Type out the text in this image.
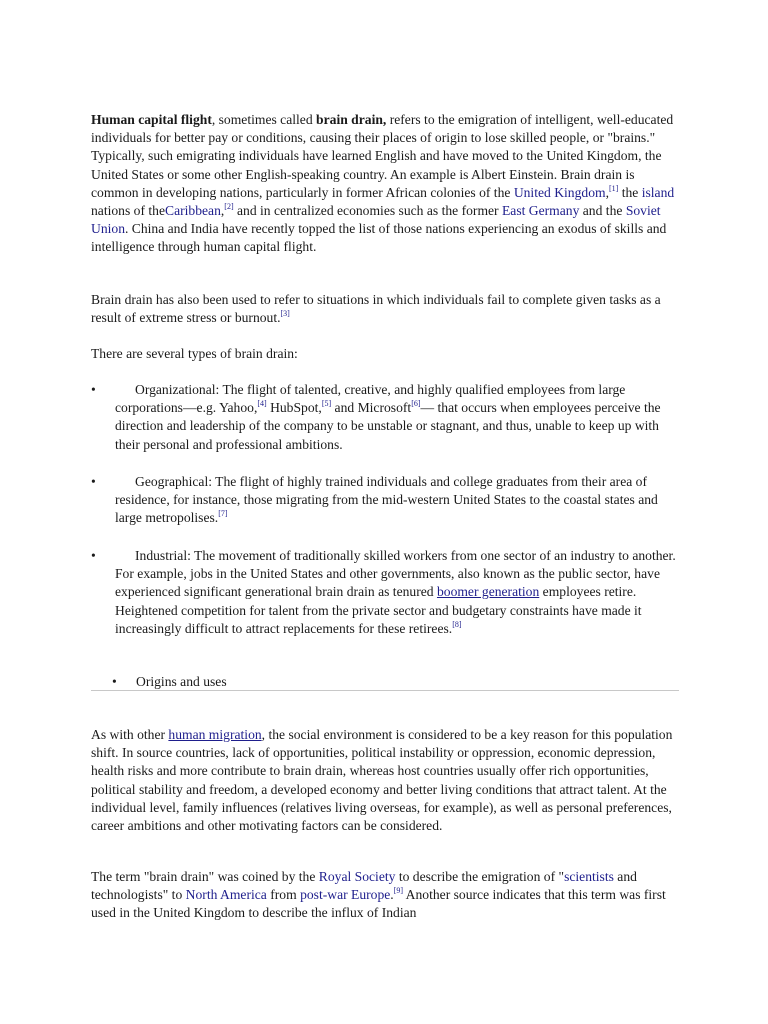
Human capital flight, sometimes called brain drain, refers to the emigration of intelligent, well-educated individuals for better pay or conditions, causing their places of origin to lose skilled people, or "brains." Typically, such emigrating individuals have learned English and have moved to the United Kingdom, the United States or some other English-speaking country. An example is Albert Einstein. Brain drain is common in developing nations, particularly in former African colonies of the United Kingdom,[1] the island nations of theCaribbean,[2] and in centralized economies such as the former East Germany and the Soviet Union. China and India have recently topped the list of those nations experiencing an exodus of skills and intelligence through human capital flight.

Brain drain has also been used to refer to situations in which individuals fail to complete given tasks as a result of extreme stress or burnout.[3]

There are several types of brain drain:

•	Organizational: The flight of talented, creative, and highly qualified employees from large corporations—e.g. Yahoo,[4] HubSpot,[5] and Microsoft[6]— that occurs when employees perceive the direction and leadership of the company to be unstable or stagnant, and thus, unable to keep up with their personal and professional ambitions.
•	Geographical: The flight of highly trained individuals and college graduates from their area of residence, for instance, those migrating from the mid-western United States to the coastal states and large metropolises.[7]
•	Industrial: The movement of traditionally skilled workers from one sector of an industry to another. For example, jobs in the United States and other governments, also known as the public sector, have experienced significant generational brain drain as tenured boomer generation employees retire. Heightened competition for talent from the private sector and budgetary constraints have made it increasingly difficult to attract replacements for these retirees.[8]
• Origins and uses

As with other human migration, the social environment is considered to be a key reason for this population shift. In source countries, lack of opportunities, political instability or oppression, economic depression, health risks and more contribute to brain drain, whereas host countries usually offer rich opportunities, political stability and freedom, a developed economy and better living conditions that attract talent. At the individual level, family influences (relatives living overseas, for example), as well as personal preferences, career ambitions and other motivating factors can be considered.

The term "brain drain" was coined by the Royal Society to describe the emigration of "scientists and technologists" to North America from post-war Europe.[9] Another source indicates that this term was first used in the United Kingdom to describe the influx of Indian
